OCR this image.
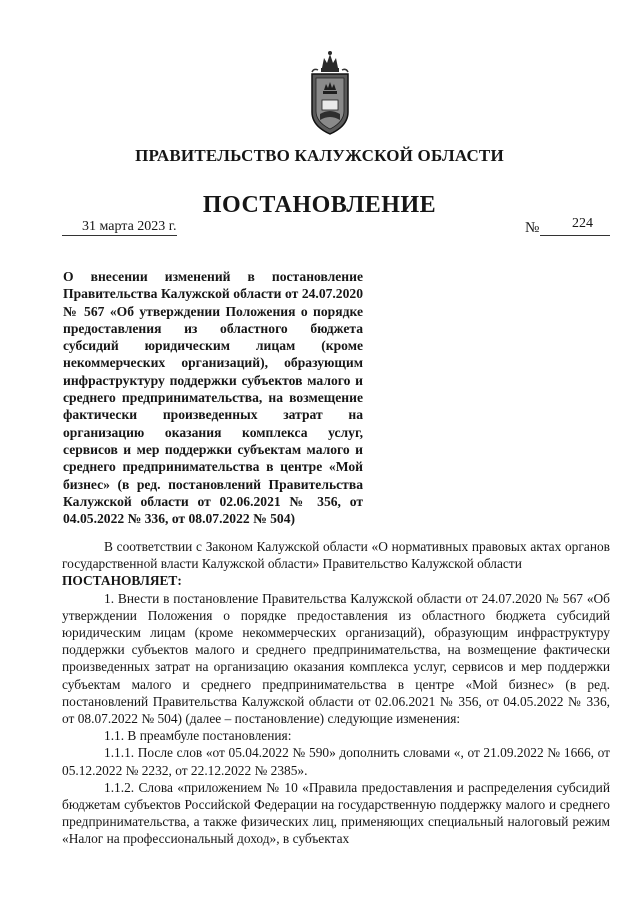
ПРАВИТЕЛЬСТВО КАЛУЖСКОЙ ОБЛАСТИ
ПОСТАНОВЛЕНИЕ
31 марта 2023 г.	№ 224
О внесении изменений в постановление Правительства Калужской области от 24.07.2020 № 567 «Об утверждении Положения о порядке предоставления из областного бюджета субсидий юридическим лицам (кроме некоммерческих организаций), образующим инфраструктуру поддержки субъектов малого и среднего предпринимательства, на возмещение фактически произведенных затрат на организацию оказания комплекса услуг, сервисов и мер поддержки субъектам малого и среднего предпринимательства в центре «Мой бизнес» (в ред. постановлений Правительства Калужской области от 02.06.2021 № 356, от 04.05.2022 № 336, от 08.07.2022 № 504)

В соответствии с Законом Калужской области «О нормативных правовых актах органов государственной власти Калужской области» Правительство Калужской области

ПОСТАНОВЛЯЕТ:

1. Внести в постановление Правительства Калужской области от 24.07.2020 № 567 «Об утверждении Положения о порядке предоставления из областного бюджета субсидий юридическим лицам (кроме некоммерческих организаций), образующим инфраструктуру поддержки субъектов малого и среднего предпринимательства, на возмещение фактически произведенных затрат на организацию оказания комплекса услуг, сервисов и мер поддержки субъектам малого и среднего предпринимательства в центре «Мой бизнес» (в ред. постановлений Правительства Калужской области от 02.06.2021 № 356, от 04.05.2022 № 336, от 08.07.2022 № 504) (далее – постановление) следующие изменения:

1.1. В преамбуле постановления:

1.1.1. После слов «от 05.04.2022 № 590» дополнить словами «, от 21.09.2022 № 1666, от 05.12.2022 № 2232, от 22.12.2022 № 2385».

1.1.2. Слова «приложением № 10 «Правила предоставления и распределения субсидий бюджетам субъектов Российской Федерации на государственную поддержку малого и среднего предпринимательства, а также физических лиц, применяющих специальный налоговый режим «Налог на профессиональный доход», в субъектах
